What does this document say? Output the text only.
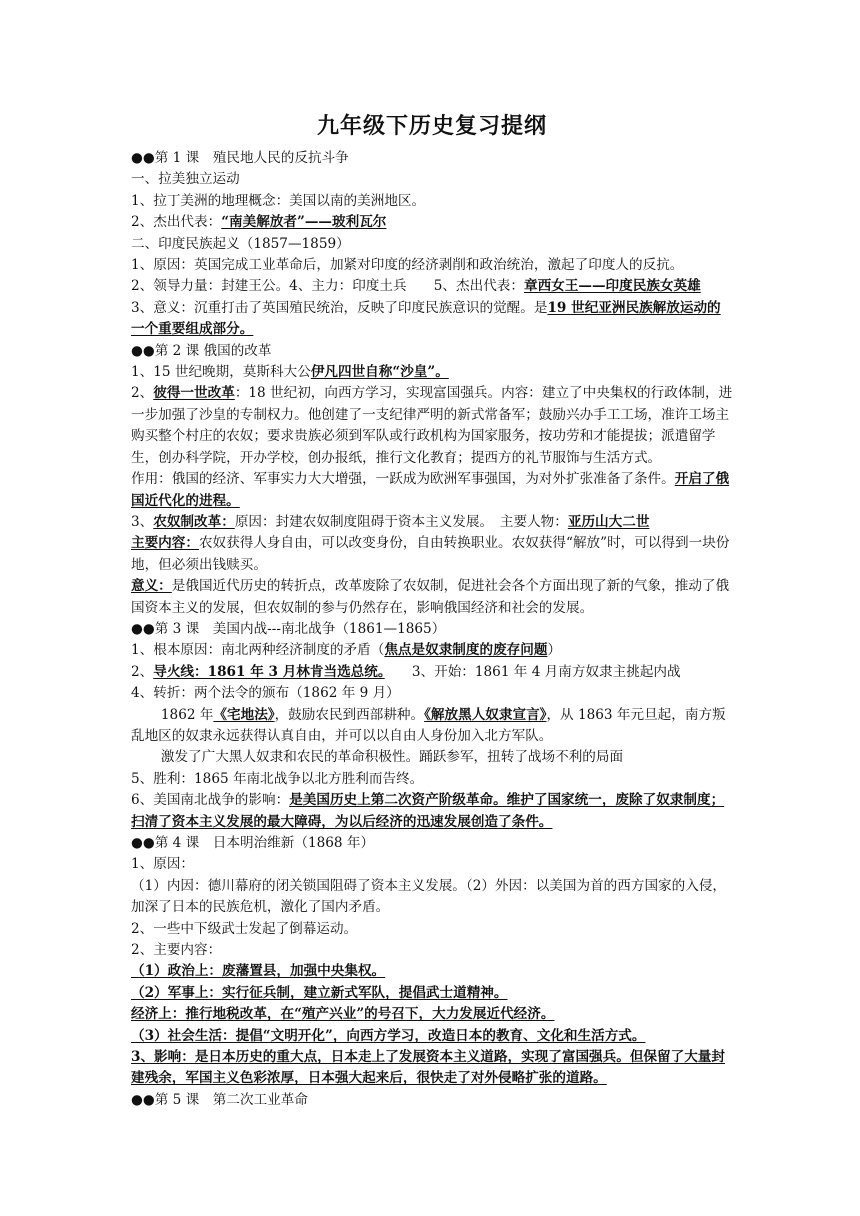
九年级下历史复习提纲

●●第 1 课　殖民地人民的反抗斗争

一、拉美独立运动

1、拉丁美洲的地理概念：美国以南的美洲地区。

2、杰出代表：“南美解放者”——玻利瓦尔

二、印度民族起义（1857—1859）

1、原因：英国完成工业革命后，加紧对印度的经济剥削和政治统治，激起了印度人的反抗。

2、领导力量：封建王公。4、主力：印度土兵　　5、杰出代表：章西女王——印度民族女英雄

3、意义：沉重打击了英国殖民统治，反映了印度民族意识的觉醒。是19 世纪亚洲民族解放运动的一个重要组成部分。

●●第 2 课 俄国的改革

1、15 世纪晚期，莫斯科大公伊凡四世自称“沙皇”。

2、彼得一世改革：18 世纪初，向西方学习，实现富国强兵。内容：建立了中央集权的行政体制，进一步加强了沙皇的专制权力。他创建了一支纪律严明的新式常备军；鼓励兴办手工工场，准许工场主购买整个村庄的农奴；要求贵族必须到军队或行政机构为国家服务，按功劳和才能提拔；派遣留学生，创办科学院，开办学校，创办报纸，推行文化教育；提西方的礼节服饰与生活方式。

作用：俄国的经济、军事实力大大增强，一跃成为欧洲军事强国，为对外扩张准备了条件。开启了俄国近代化的进程。

3、农奴制改革：原因：封建农奴制度阻碍于资本主义发展。　主要人物：亚历山大二世

主要内容：农奴获得人身自由，可以改变身份，自由转换职业。农奴获得“解放”时，可以得到一块份地，但必须出钱赎买。

意义：是俄国近代历史的转折点，改革废除了农奴制，促进社会各个方面出现了新的气象，推动了俄国资本主义的发展，但农奴制的参与仍然存在，影响俄国经济和社会的发展。

●●第 3 课　美国内战---南北战争（1861—1865）

1、根本原因：南北两种经济制度的矛盾（焦点是奴隶制度的废存问题）

2、导火线：1861 年 3 月林肯当选总统。　　3、开始：1861 年 4 月南方奴隶主挑起内战

4、转折：两个法令的颁布（1862 年 9 月）

1862 年《宅地法》，鼓励农民到西部耕种。《解放黑人奴隶宣言》，从 1863 年元旦起，南方叛乱地区的奴隶永远获得认真自由，并可以以自由人身份加入北方军队。

激发了广大黑人奴隶和农民的革命积极性。踊跃参军，扭转了战场不利的局面

5、胜利：1865 年南北战争以北方胜利而告终。

6、美国南北战争的影响：是美国历史上第二次资产阶级革命。维护了国家统一，废除了奴隶制度；扫清了资本主义发展的最大障碍，为以后经济的迅速发展创造了条件。

●●第 4 课　日本明治维新（1868 年）

1、原因：

（1）内因：德川幕府的闭关锁国阻碍了资本主义发展。（2）外因：以美国为首的西方国家的入侵，加深了日本的民族危机，激化了国内矛盾。

2、一些中下级武士发起了倒幕运动。

2、主要内容：

（1）政治上：废藩置县，加强中央集权。

（2）军事上：实行征兵制，建立新式军队，提倡武士道精神。

经济上：推行地税改革，在“殖产兴业”的号召下，大力发展近代经济。

（3）社会生活：提倡“文明开化”，向西方学习，改造日本的教育、文化和生活方式。

3、影响：是日本历史的重大点，日本走上了发展资本主义道路，实现了富国强兵。但保留了大量封建残余，军国主义色彩浓厚，日本强大起来后，很快走了对外侵略扩张的道路。

●●第 5 课　第二次工业革命
